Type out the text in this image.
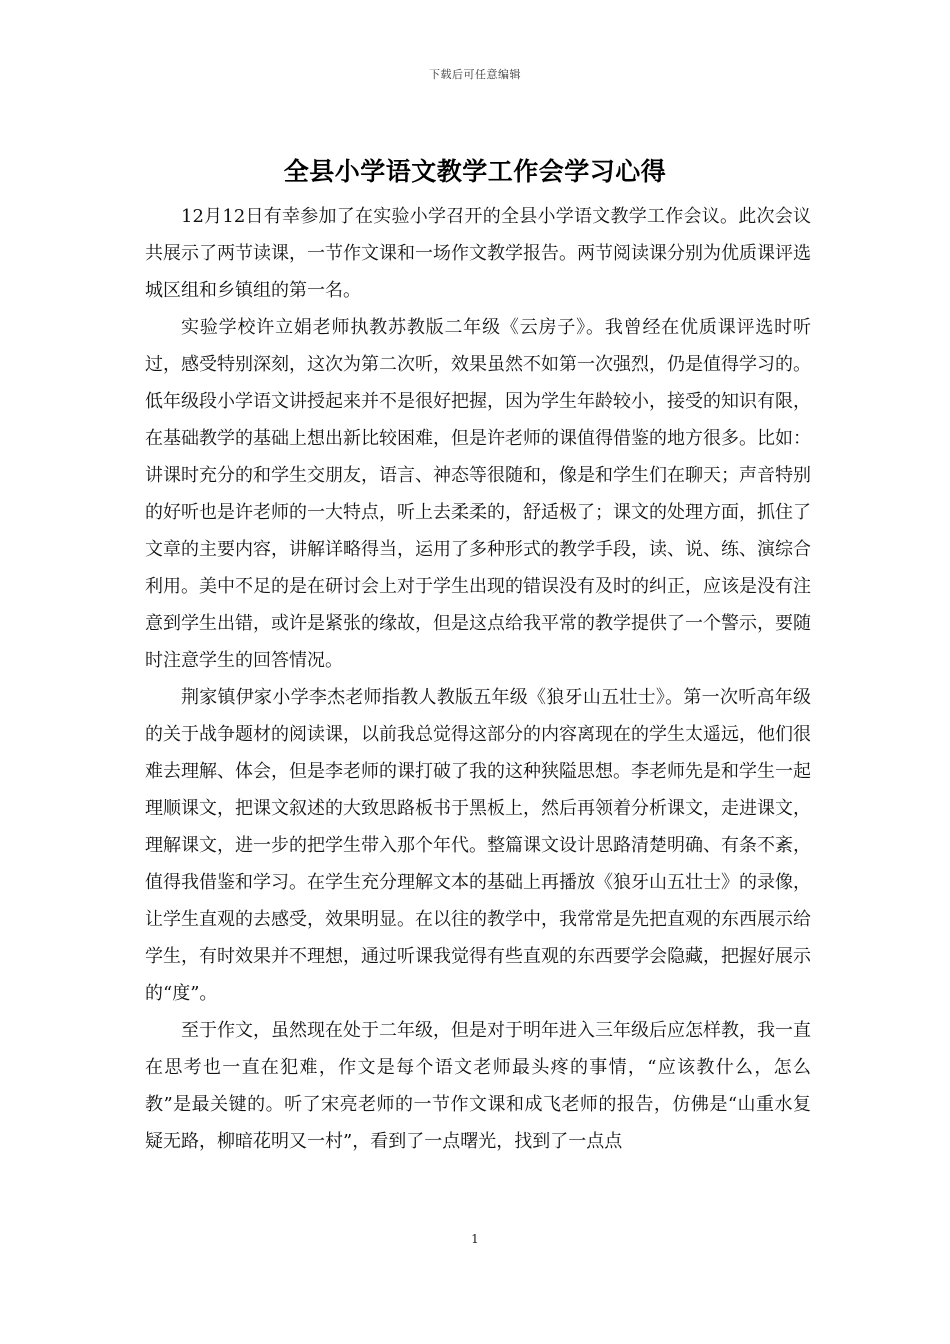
下载后可任意编辑
全县小学语文教学工作会学习心得

12月12日有幸参加了在实验小学召开的全县小学语文教学工作会议。此次会议共展示了两节读课，一节作文课和一场作文教学报告。两节阅读课分别为优质课评选城区组和乡镇组的第一名。

实验学校许立娟老师执教苏教版二年级《云房子》。我曾经在优质课评选时听过，感受特别深刻，这次为第二次听，效果虽然不如第一次强烈，仍是值得学习的。低年级段小学语文讲授起来并不是很好把握，因为学生年龄较小，接受的知识有限，在基础教学的基础上想出新比较困难，但是许老师的课值得借鉴的地方很多。比如：讲课时充分的和学生交朋友，语言、神态等很随和，像是和学生们在聊天；声音特别的好听也是许老师的一大特点，听上去柔柔的，舒适极了；课文的处理方面，抓住了文章的主要内容，讲解详略得当，运用了多种形式的教学手段，读、说、练、演综合利用。美中不足的是在研讨会上对于学生出现的错误没有及时的纠正，应该是没有注意到学生出错，或许是紧张的缘故，但是这点给我平常的教学提供了一个警示，要随时注意学生的回答情况。

荆家镇伊家小学李杰老师指教人教版五年级《狼牙山五壮士》。第一次听高年级的关于战争题材的阅读课，以前我总觉得这部分的内容离现在的学生太遥远，他们很难去理解、体会，但是李老师的课打破了我的这种狭隘思想。李老师先是和学生一起理顺课文，把课文叙述的大致思路板书于黑板上，然后再领着分析课文，走进课文，理解课文，进一步的把学生带入那个年代。整篇课文设计思路清楚明确、有条不紊，值得我借鉴和学习。在学生充分理解文本的基础上再播放《狼牙山五壮士》的录像，让学生直观的去感受，效果明显。在以往的教学中，我常常是先把直观的东西展示给学生，有时效果并不理想，通过听课我觉得有些直观的东西要学会隐藏，把握好展示的“度”。

至于作文，虽然现在处于二年级，但是对于明年进入三年级后应怎样教，我一直在思考也一直在犯难，作文是每个语文老师最头疼的事情，“应该教什么，怎么教”是最关键的。听了宋亮老师的一节作文课和成飞老师的报告，仿佛是“山重水复疑无路，柳暗花明又一村”，看到了一点曙光，找到了一点点

1
